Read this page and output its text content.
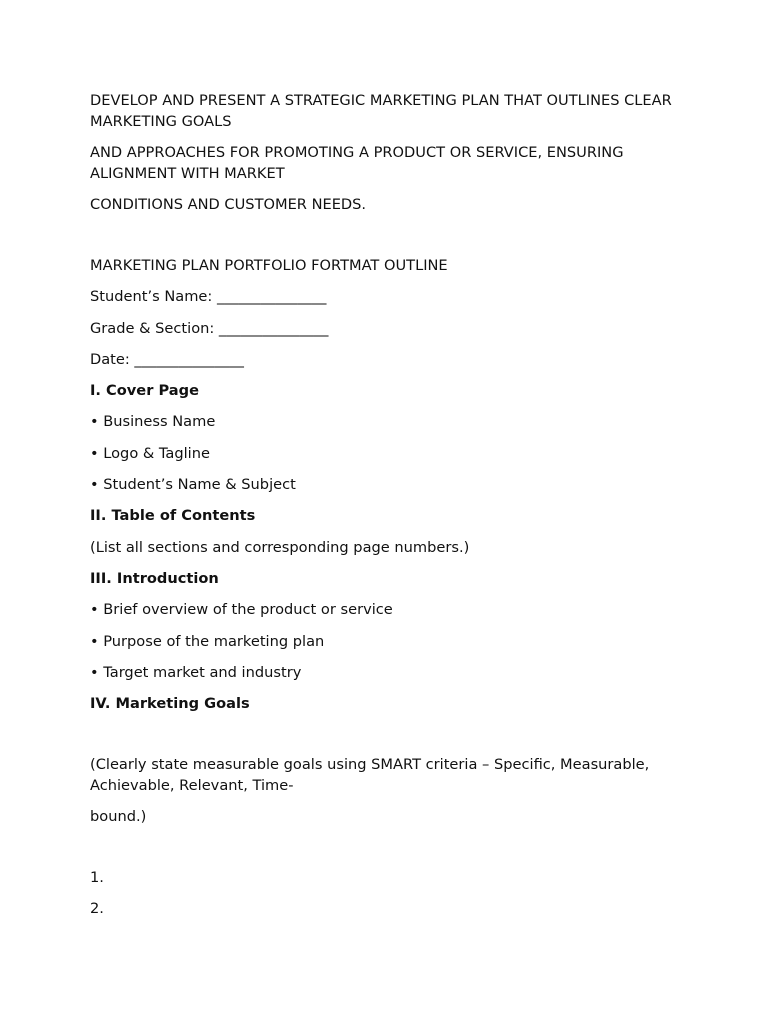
DEVELOP AND PRESENT A STRATEGIC MARKETING PLAN THAT OUTLINES CLEAR MARKETING GOALS

AND APPROACHES FOR PROMOTING A PRODUCT OR SERVICE, ENSURING ALIGNMENT WITH MARKET

CONDITIONS AND CUSTOMER NEEDS.

MARKETING PLAN PORTFOLIO FORTMAT OUTLINE

Student’s Name: _______________

Grade & Section: _______________

Date: _______________

I. Cover Page

• Business Name

• Logo & Tagline

• Student’s Name & Subject

II. Table of Contents

(List all sections and corresponding page numbers.)

III. Introduction

• Brief overview of the product or service

• Purpose of the marketing plan

• Target market and industry

IV. Marketing Goals

(Clearly state measurable goals using SMART criteria – Specific, Measurable, Achievable, Relevant, Time-

bound.)

1.

2.
